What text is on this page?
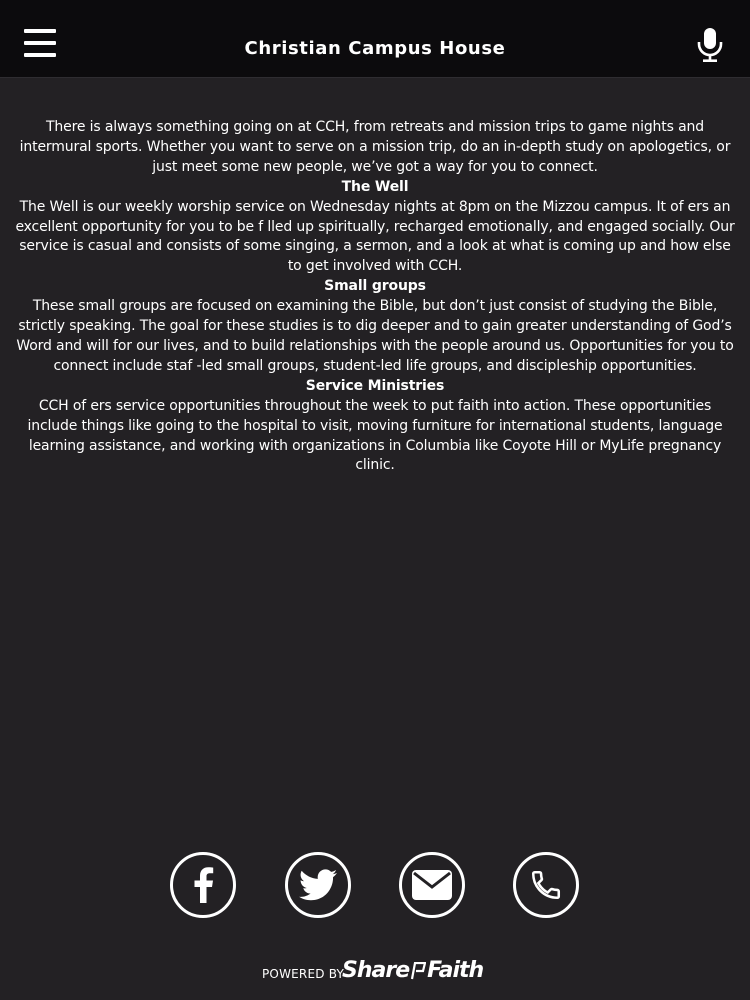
Christian Campus House

There is always something going on at CCH, from retreats and mission trips to game nights and intermural sports. Whether you want to serve on a mission trip, do an in-depth study on apologetics, or just meet some new people, we’ve got a way for you to connect.

The Well

The Well is our weekly worship service on Wednesday nights at 8pm on the Mizzou campus. It of ers an excellent opportunity for you to be f lled up spiritually, recharged emotionally, and engaged socially. Our service is casual and consists of some singing, a sermon, and a look at what is coming up and how else to get involved with CCH.

Small groups

These small groups are focused on examining the Bible, but don’t just consist of studying the Bible, strictly speaking. The goal for these studies is to dig deeper and to gain greater understanding of God’s Word and will for our lives, and to build relationships with the people around us. Opportunities for you to connect include staf -led small groups, student-led life groups, and discipleship opportunities.

Service Ministries

CCH of ers service opportunities throughout the week to put faith into action. These opportunities include things like going to the hospital to visit, moving furniture for international students, language learning assistance, and working with organizations in Columbia like Coyote Hill or MyLife pregnancy clinic.

POWERED BY
Share Faith
